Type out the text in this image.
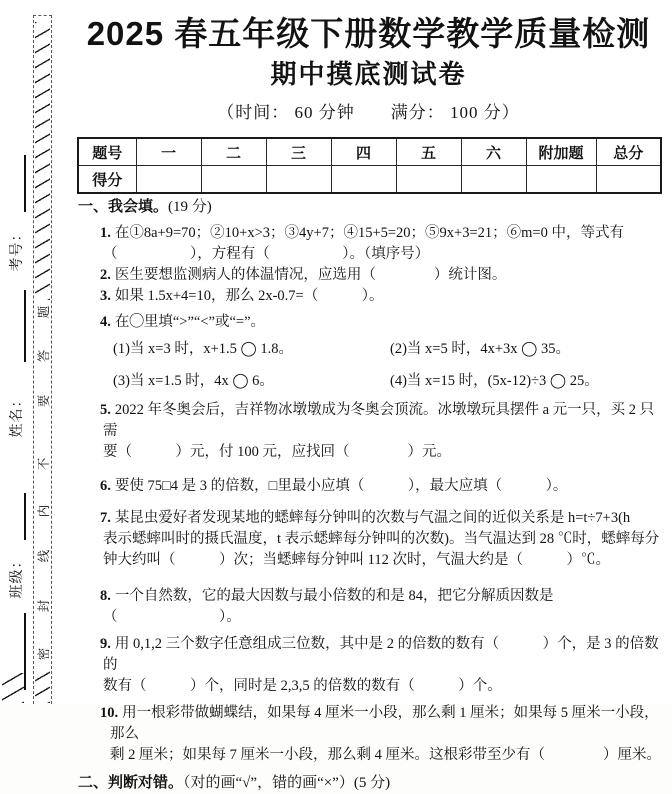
考号：
姓名：
班级：
题
答
要
不
内
线
封
密
2025 春五年级下册数学教学质量检测
期中摸底测试卷
（时间： 60 分钟　　满分： 100 分）
题号	一	二	三	四	五	六	附加题	总分
得分								
一、我会填。(19 分)
1. 在①8a+9=70；②10+x>3；③4y+7；④15+5=20；⑤9x+3=21；⑥m=0 中，等式有
（　　　　　），方程有（　　　　　）。（填序号）
2. 医生要想监测病人的体温情况，应选用（　　　　）统计图。
3. 如果 1.5x+4=10，那么 2x-0.7=（　　　）。
4. 在◯里填“>”“<”或“=”。
(1)当 x=3 时，x+1.5 ◯ 1.8。	(2)当 x=5 时，4x+3x ◯ 35。
(3)当 x=1.5 时，4x ◯ 6。	(4)当 x=15 时，(5x-12)÷3 ◯ 25。
5. 2022 年冬奥会后，吉祥物冰墩墩成为冬奥会顶流。冰墩墩玩具摆件 a 元一只，买 2 只需
要（　　　）元，付 100 元，应找回（　　　　）元。
6. 要使 75□4 是 3 的倍数，□里最小应填（　　　），最大应填（　　　）。
7. 某昆虫爱好者发现某地的蟋蟀每分钟叫的次数与气温之间的近似关系是 h=t÷7+3(h
表示蟋蟀叫时的摄氏温度，t 表示蟋蟀每分钟叫的次数)。当气温达到 28 ℃时，蟋蟀每分
钟大约叫（　　　）次；当蟋蟀每分钟叫 112 次时，气温大约是（　　　）℃。
8. 一个自然数，它的最大因数与最小倍数的和是 84，把它分解质因数是（　　　　　　　）。
9. 用 0,1,2 三个数字任意组成三位数，其中是 2 的倍数的数有（　　　）个，是 3 的倍数的
数有（　　　）个，同时是 2,3,5 的倍数的数有（　　　）个。
10. 用一根彩带做蝴蝶结，如果每 4 厘米一小段，那么剩 1 厘米；如果每 5 厘米一小段，那么
剩 2 厘米；如果每 7 厘米一小段，那么剩 4 厘米。这根彩带至少有（　　　　）厘米。
二、判断对错。（对的画“√”，错的画“×”）(5 分)
